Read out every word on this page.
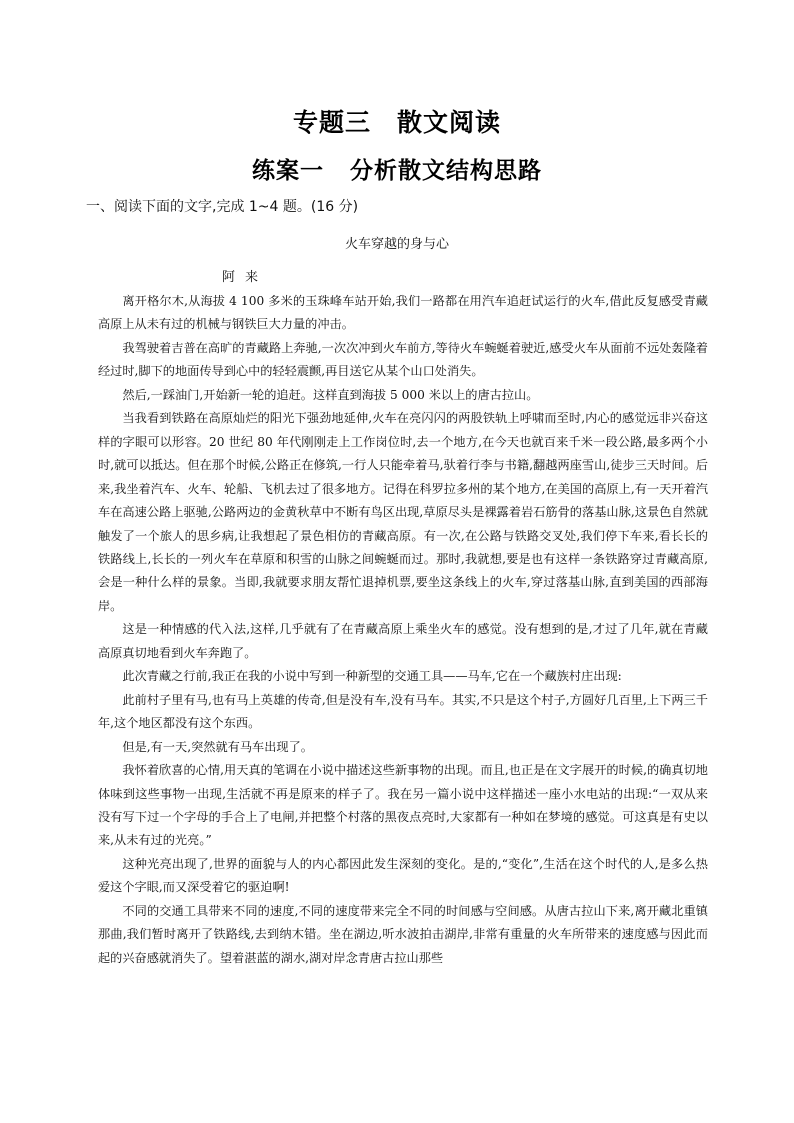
专题三 散文阅读
练案一 分析散文结构思路

一、阅读下面的文字,完成 1~4 题。(16 分)

火车穿越的身与心

阿来

离开格尔木,从海拔 4 100 多米的玉珠峰车站开始,我们一路都在用汽车追赶试运行的火车,借此反复感受青藏高原上从未有过的机械与钢铁巨大力量的冲击。

我驾驶着吉普在高旷的青藏路上奔驰,一次次冲到火车前方,等待火车蜿蜒着驶近,感受火车从面前不远处轰隆着经过时,脚下的地面传导到心中的轻轻震颤,再目送它从某个山口处消失。

然后,一踩油门,开始新一轮的追赶。这样直到海拔 5 000 米以上的唐古拉山。

当我看到铁路在高原灿烂的阳光下强劲地延伸,火车在亮闪闪的两股铁轨上呼啸而至时,内心的感觉远非兴奋这样的字眼可以形容。20 世纪 80 年代刚刚走上工作岗位时,去一个地方,在今天也就百来千米一段公路,最多两个小时,就可以抵达。但在那个时候,公路正在修筑,一行人只能牵着马,驮着行李与书籍,翻越两座雪山,徒步三天时间。后来,我坐着汽车、火车、轮船、飞机去过了很多地方。记得在科罗拉多州的某个地方,在美国的高原上,有一天开着汽车在高速公路上驱驰,公路两边的金黄秋草中不断有鸟区出现,草原尽头是裸露着岩石筋骨的落基山脉,这景色自然就触发了一个旅人的思乡病,让我想起了景色相仿的青藏高原。有一次,在公路与铁路交叉处,我们停下车来,看长长的铁路线上,长长的一列火车在草原和积雪的山脉之间蜿蜒而过。那时,我就想,要是也有这样一条铁路穿过青藏高原,会是一种什么样的景象。当即,我就要求朋友帮忙退掉机票,要坐这条线上的火车,穿过落基山脉,直到美国的西部海岸。

这是一种情感的代入法,这样,几乎就有了在青藏高原上乘坐火车的感觉。没有想到的是,才过了几年,就在青藏高原真切地看到火车奔跑了。

此次青藏之行前,我正在我的小说中写到一种新型的交通工具——马车,它在一个藏族村庄出现:

此前村子里有马,也有马上英雄的传奇,但是没有车,没有马车。其实,不只是这个村子,方圆好几百里,上下两三千年,这个地区都没有这个东西。

但是,有一天,突然就有马车出现了。

我怀着欣喜的心情,用天真的笔调在小说中描述这些新事物的出现。而且,也正是在文字展开的时候,的确真切地体味到这些事物一出现,生活就不再是原来的样子了。我在另一篇小说中这样描述一座小水电站的出现:“一双从来没有写下过一个字母的手合上了电闸,并把整个村落的黑夜点亮时,大家都有一种如在梦境的感觉。可这真是有史以来,从未有过的光亮。”

这种光亮出现了,世界的面貌与人的内心都因此发生深刻的变化。是的,“变化”,生活在这个时代的人,是多么热爱这个字眼,而又深受着它的驱迫啊!

不同的交通工具带来不同的速度,不同的速度带来完全不同的时间感与空间感。从唐古拉山下来,离开藏北重镇那曲,我们暂时离开了铁路线,去到纳木错。坐在湖边,听水波拍击湖岸,非常有重量的火车所带来的速度感与因此而起的兴奋感就消失了。望着湛蓝的湖水,湖对岸念青唐古拉山那些
